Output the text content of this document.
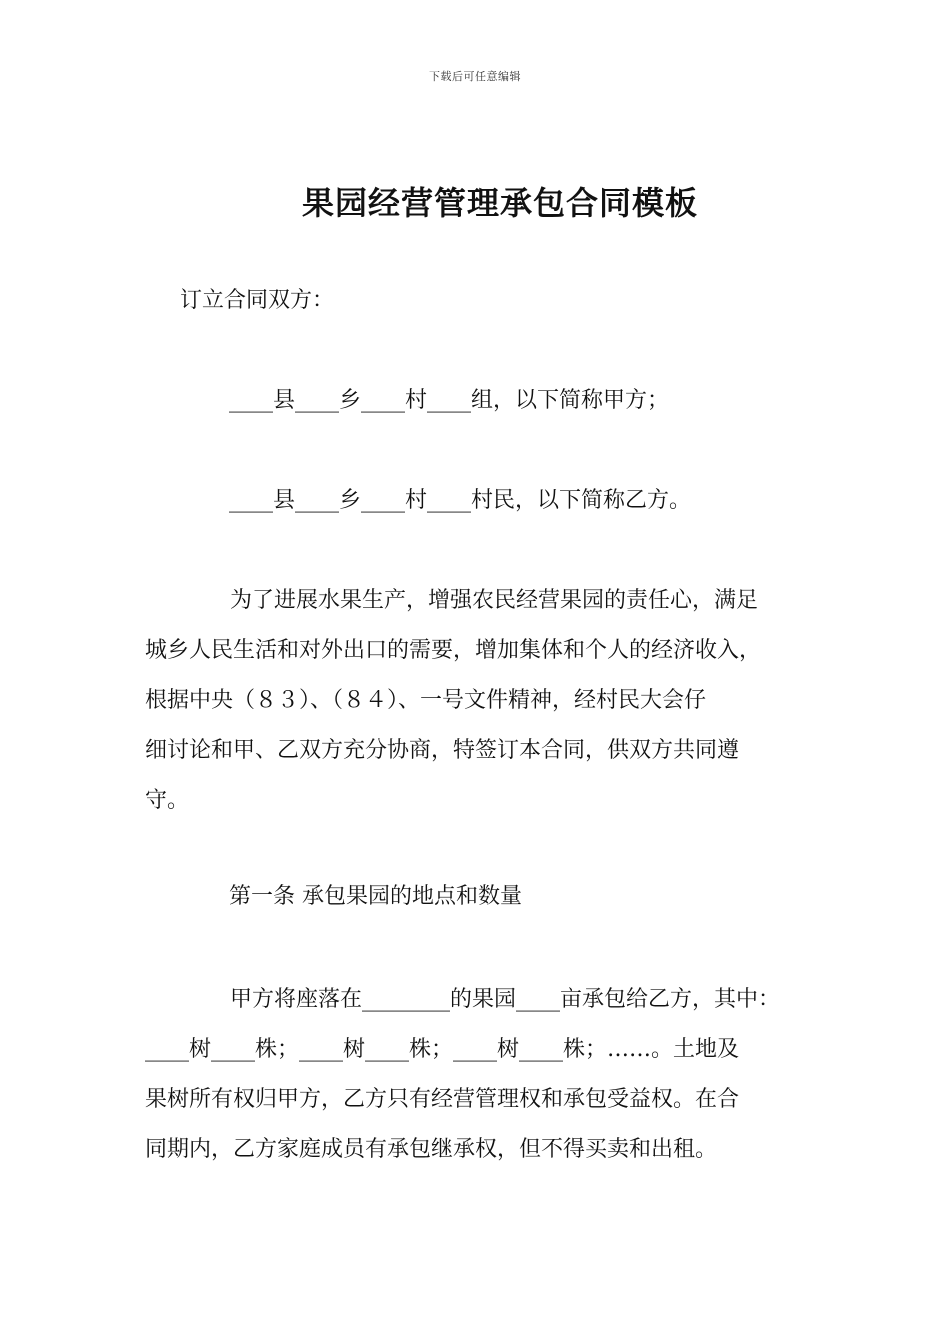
下载后可任意编辑
果园经营管理承包合同模板

订立合同双方：

____县____乡____村____组，以下简称甲方；

____县____乡____村____村民，以下简称乙方。

为了进展水果生产，增强农民经营果园的责任心，满足
城乡人民生活和对外出口的需要，增加集体和个人的经济收入，
根据中央（８３）、（８４）、一号文件精神，经村民大会仔
细讨论和甲、乙双方充分协商，特签订本合同，供双方共同遵
守。

第一条 承包果园的地点和数量

甲方将座落在________的果园____亩承包给乙方，其中：
____树____株；____树____株；____树____株；……。土地及
果树所有权归甲方，乙方只有经营管理权和承包受益权。在合
同期内，乙方家庭成员有承包继承权，但不得买卖和出租。
